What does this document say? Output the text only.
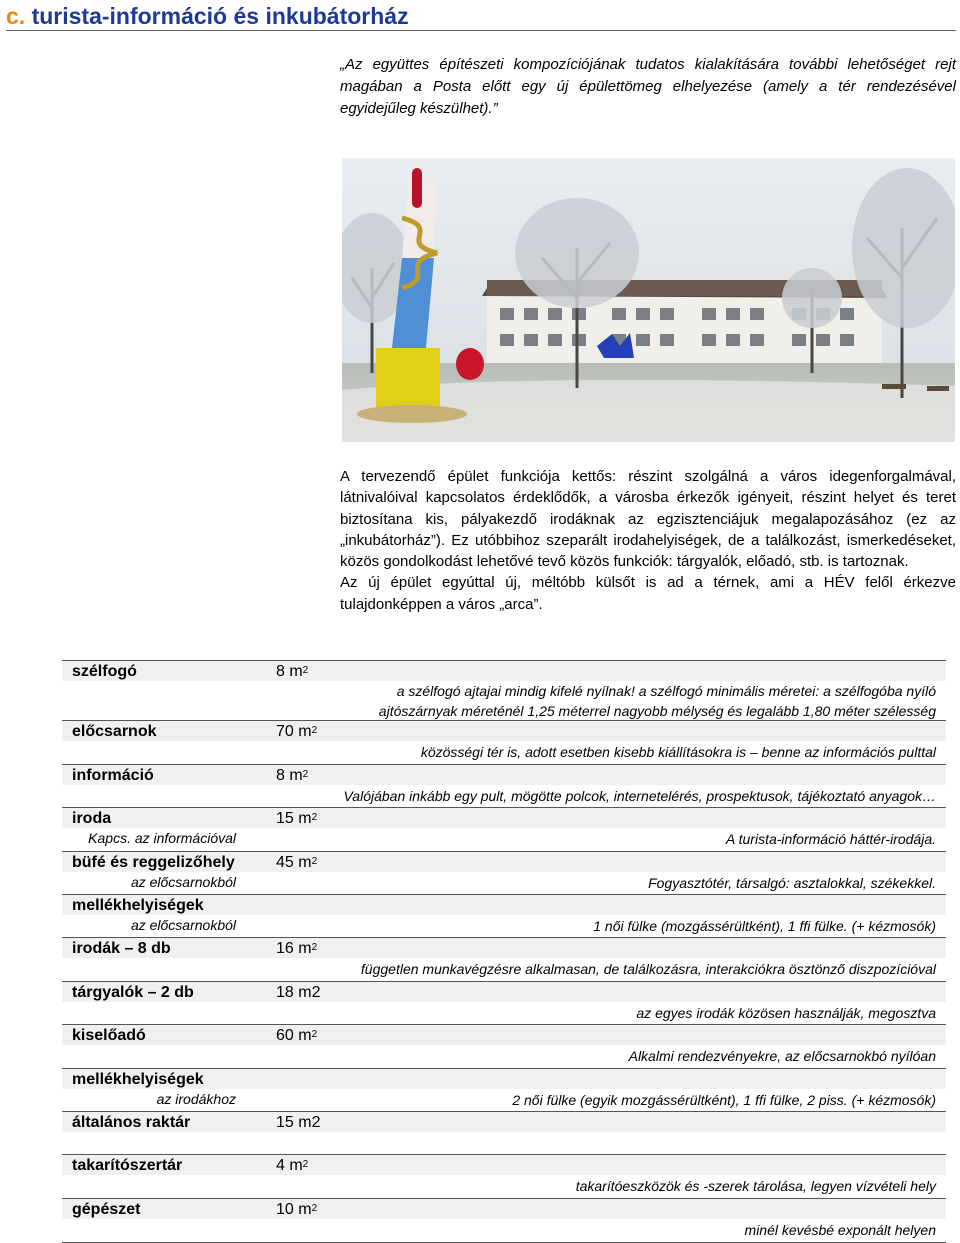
c. turista-információ és inkubátorház
„Az együttes építészeti kompozíciójának tudatos kialakítására további lehetőséget rejt magában a Posta előtt egy új épülettömeg elhelyezése (amely a tér rendezésével egyidejűleg készülhet).”

A tervezendő épület funkciója kettős: részint szolgálná a város idegenforgalmával, látnivalóival kapcsolatos érdeklődők, a városba érkezők igényeit, részint helyet és teret biztosítana kis, pályakezdő irodáknak az egzisztenciájuk megalapozásához (ez az „inkubátorház”). Ez utóbbihoz szeparált irodahelyiségek, de a találkozást, ismerkedéseket, közös gondolkodást lehetővé tevő közös funkciók: tárgyalók, előadó, stb. is tartoznak.

Az új épület egyúttal új, méltóbb külsőt is ad a térnek, ami a HÉV felől érkezve tulajdonképpen a város „arca”.

szélfogó	8 $m^2$
a szélfogó ajtajai mindig kifelé nyílnak! a szélfogó minimális méretei: a szélfogóba nyíló ajtószárnyak méreténél 1,25 méterrel nagyobb mélység és legalább 1,80 méter szélesség
előcsarnok	70 $m^2$
közösségi tér is, adott esetben kisebb kiállításokra is – benne az információs pulttal
információ	8 $m^2$
Valójában inkább egy pult, mögötte polcok, internetelérés, prospektusok, tájékoztató anyagok…
iroda	15 $m^2$
Kapcs. az információval	A turista-információ háttér-irodája.
büfé és reggelizőhely	45 $m^2$
az előcsarnokból	Fogyasztótér, társalgó: asztalokkal, székekkel.
mellékhelyiségek
az előcsarnokból	1 női fülke (mozgássérültként), 1 ffi fülke. (+ kézmosók)
irodák – 8 db	16 $m^2$
független munkavégzésre alkalmasan, de találkozásra, interakciókra ösztönző diszpozícióval
tárgyalók – 2 db	18 m2
az egyes irodák közösen használják, megosztva
kiselőadó	60 $m^2$
Alkalmi rendezvényekre, az előcsarnokbó nyílóan
mellékhelyiségek
az irodákhoz	2 női fülke (egyik mozgássérültként), 1 ffi fülke, 2 piss. (+ kézmosók)
általános raktár	15 m2
takarítószertár	4 $m^2$
takarítóeszközök és -szerek tárolása, legyen vízvételi hely
gépészet	10 $m^2$
minél kevésbé exponált helyen
